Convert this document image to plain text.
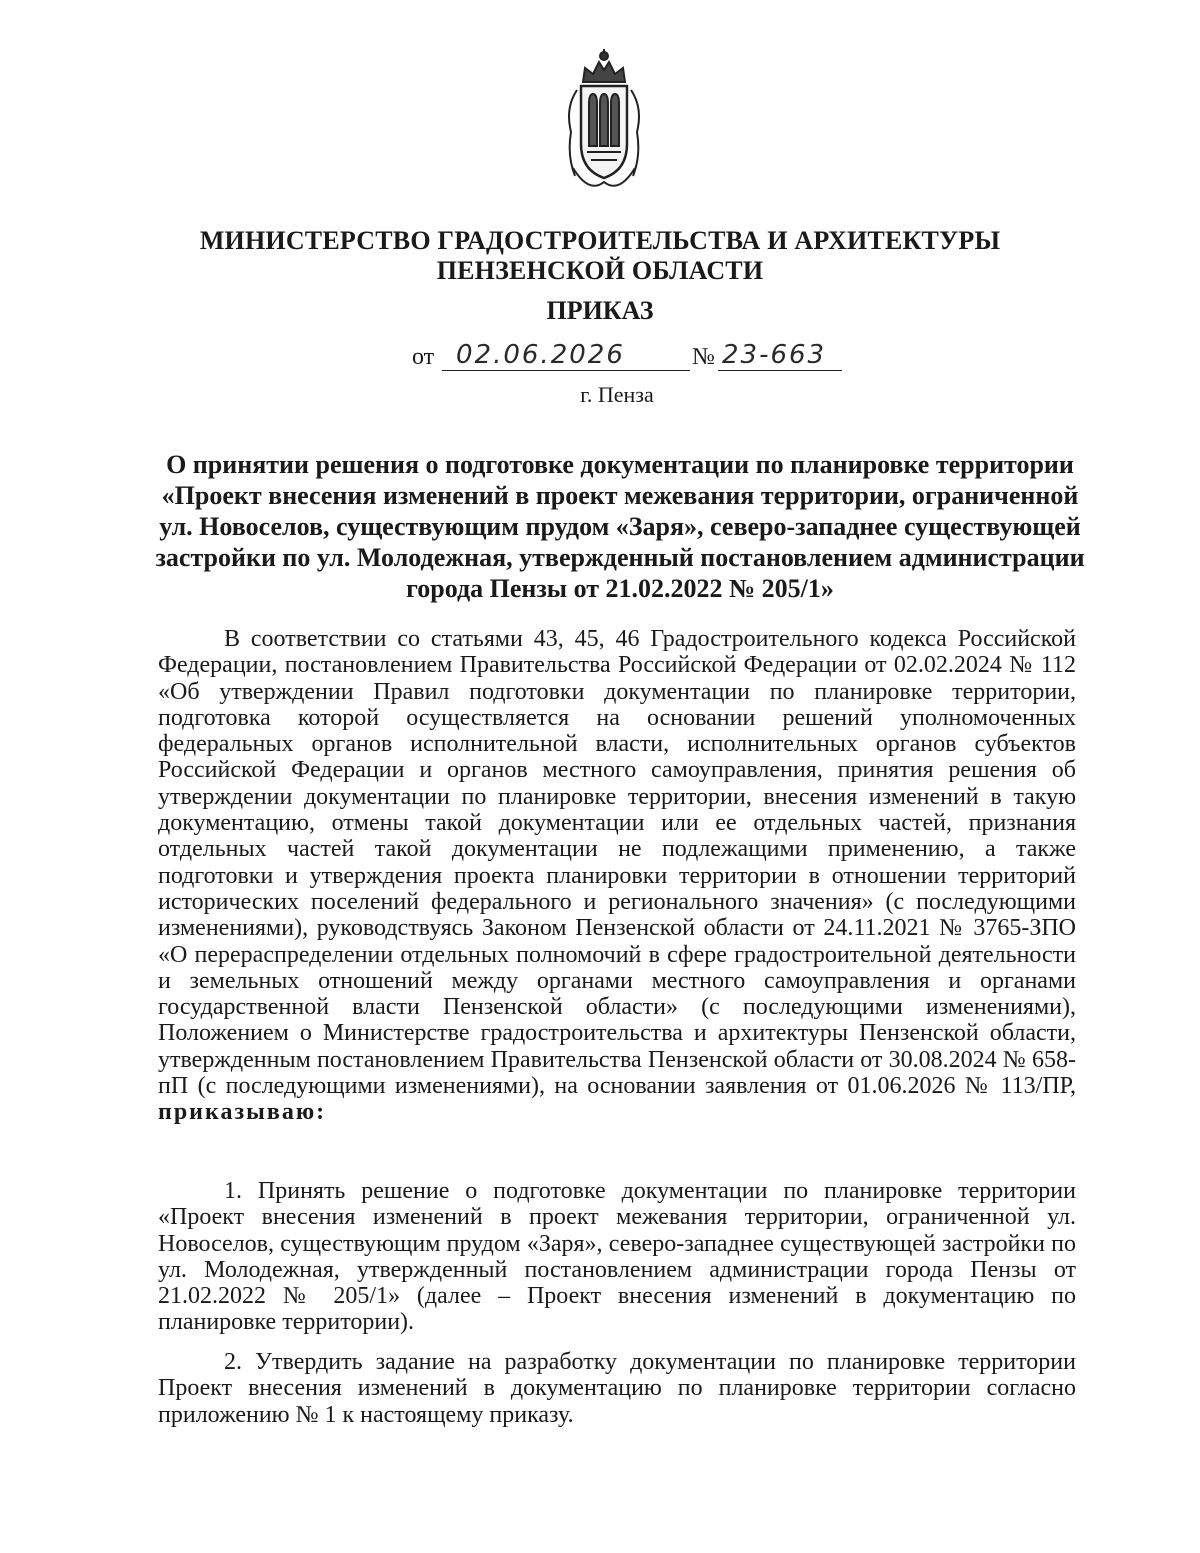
МИНИСТЕРСТВО ГРАДОСТРОИТЕЛЬСТВА И АРХИТЕКТУРЫ
ПЕНЗЕНСКОЙ ОБЛАСТИ
ПРИКАЗ
от 02.06.2026	№ 23-663
г. Пенза
О принятии решения о подготовке документации по планировке территории «Проект внесения изменений в проект межевания территории, ограниченной ул. Новоселов, существующим прудом «Заря», северо-западнее существующей застройки по ул. Молодежная, утвержденный постановлением администрации города Пензы от 21.02.2022 № 205/1»

В соответствии со статьями 43, 45, 46 Градостроительного кодекса Российской Федерации, постановлением Правительства Российской Федерации от 02.02.2024 № 112 «Об утверждении Правил подготовки документации по планировке территории, подготовка которой осуществляется на основании решений уполномоченных федеральных органов исполнительной власти, исполнительных органов субъектов Российской Федерации и органов местного самоуправления, принятия решения об утверждении документации по планировке территории, внесения изменений в такую документацию, отмены такой документации или ее отдельных частей, признания отдельных частей такой документации не подлежащими применению, а также подготовки и утверждения проекта планировки территории в отношении территорий исторических поселений федерального и регионального значения» (с последующими изменениями), руководствуясь Законом Пензенской области от 24.11.2021 № 3765-ЗПО «О перераспределении отдельных полномочий в сфере градостроительной деятельности и земельных отношений между органами местного самоуправления и органами государственной власти Пензенской области» (с последующими изменениями), Положением о Министерстве градостроительства и архитектуры Пензенской области, утвержденным постановлением Правительства Пензенской области от 30.08.2024 № 658-пП (с последующими изменениями), на основании заявления от 01.06.2026 № 113/ПР, приказываю:

1. Принять решение о подготовке документации по планировке территории «Проект внесения изменений в проект межевания территории, ограниченной ул. Новоселов, существующим прудом «Заря», северо-западнее существующей застройки по ул. Молодежная, утвержденный постановлением администрации города Пензы от 21.02.2022 № 205/1» (далее – Проект внесения изменений в документацию по планировке территории).

2. Утвердить задание на разработку документации по планировке территории Проект внесения изменений в документацию по планировке территории согласно приложению № 1 к настоящему приказу.
